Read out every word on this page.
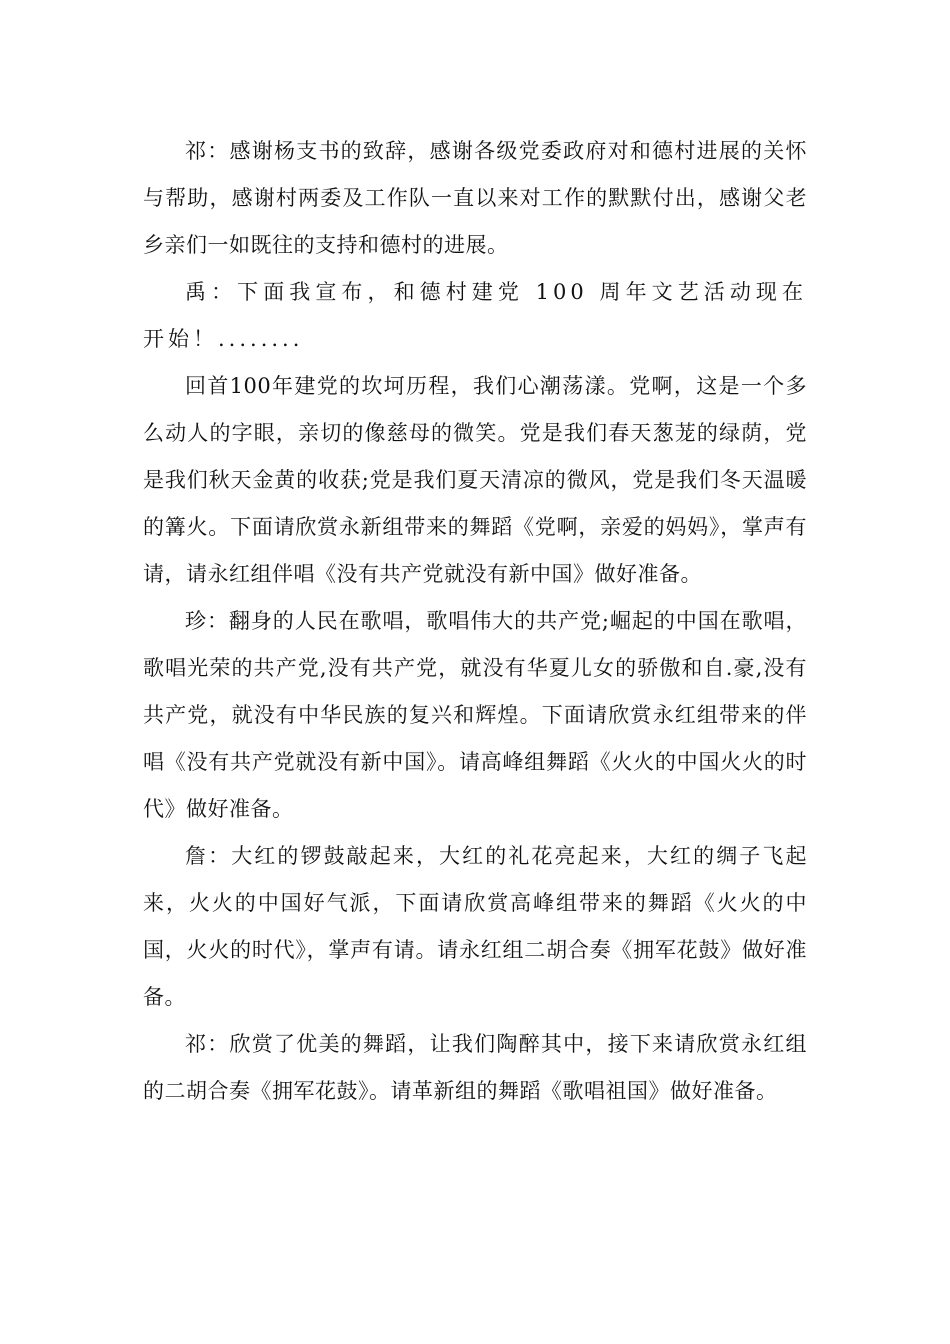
祁：感谢杨支书的致辞，感谢各级党委政府对和德村进展的关怀与帮助，感谢村两委及工作队一直以来对工作的默默付出，感谢父老乡亲们一如既往的支持和德村的进展。

禹：下面我宣布，和德村建党 100 周年文艺活动现在开始！........

回首100年建党的坎坷历程，我们心潮荡漾。党啊，这是一个多么动人的字眼，亲切的像慈母的微笑。党是我们春天葱茏的绿荫，党是我们秋天金黄的收获;党是我们夏天清凉的微风，党是我们冬天温暖的篝火。下面请欣赏永新组带来的舞蹈《党啊，亲爱的妈妈》，掌声有请，请永红组伴唱《没有共产党就没有新中国》做好准备。

珍：翻身的人民在歌唱，歌唱伟大的共产党;崛起的中国在歌唱，歌唱光荣的共产党,没有共产党，就没有华夏儿女的骄傲和自.豪,没有共产党，就没有中华民族的复兴和辉煌。下面请欣赏永红组带来的伴唱《没有共产党就没有新中国》。请高峰组舞蹈《火火的中国火火的时代》做好准备。

詹：大红的锣鼓敲起来，大红的礼花亮起来，大红的绸子飞起来，火火的中国好气派，下面请欣赏高峰组带来的舞蹈《火火的中国，火火的时代》，掌声有请。请永红组二胡合奏《拥军花鼓》做好准备。

祁：欣赏了优美的舞蹈，让我们陶醉其中，接下来请欣赏永红组的二胡合奏《拥军花鼓》。请革新组的舞蹈《歌唱祖国》做好准备。
